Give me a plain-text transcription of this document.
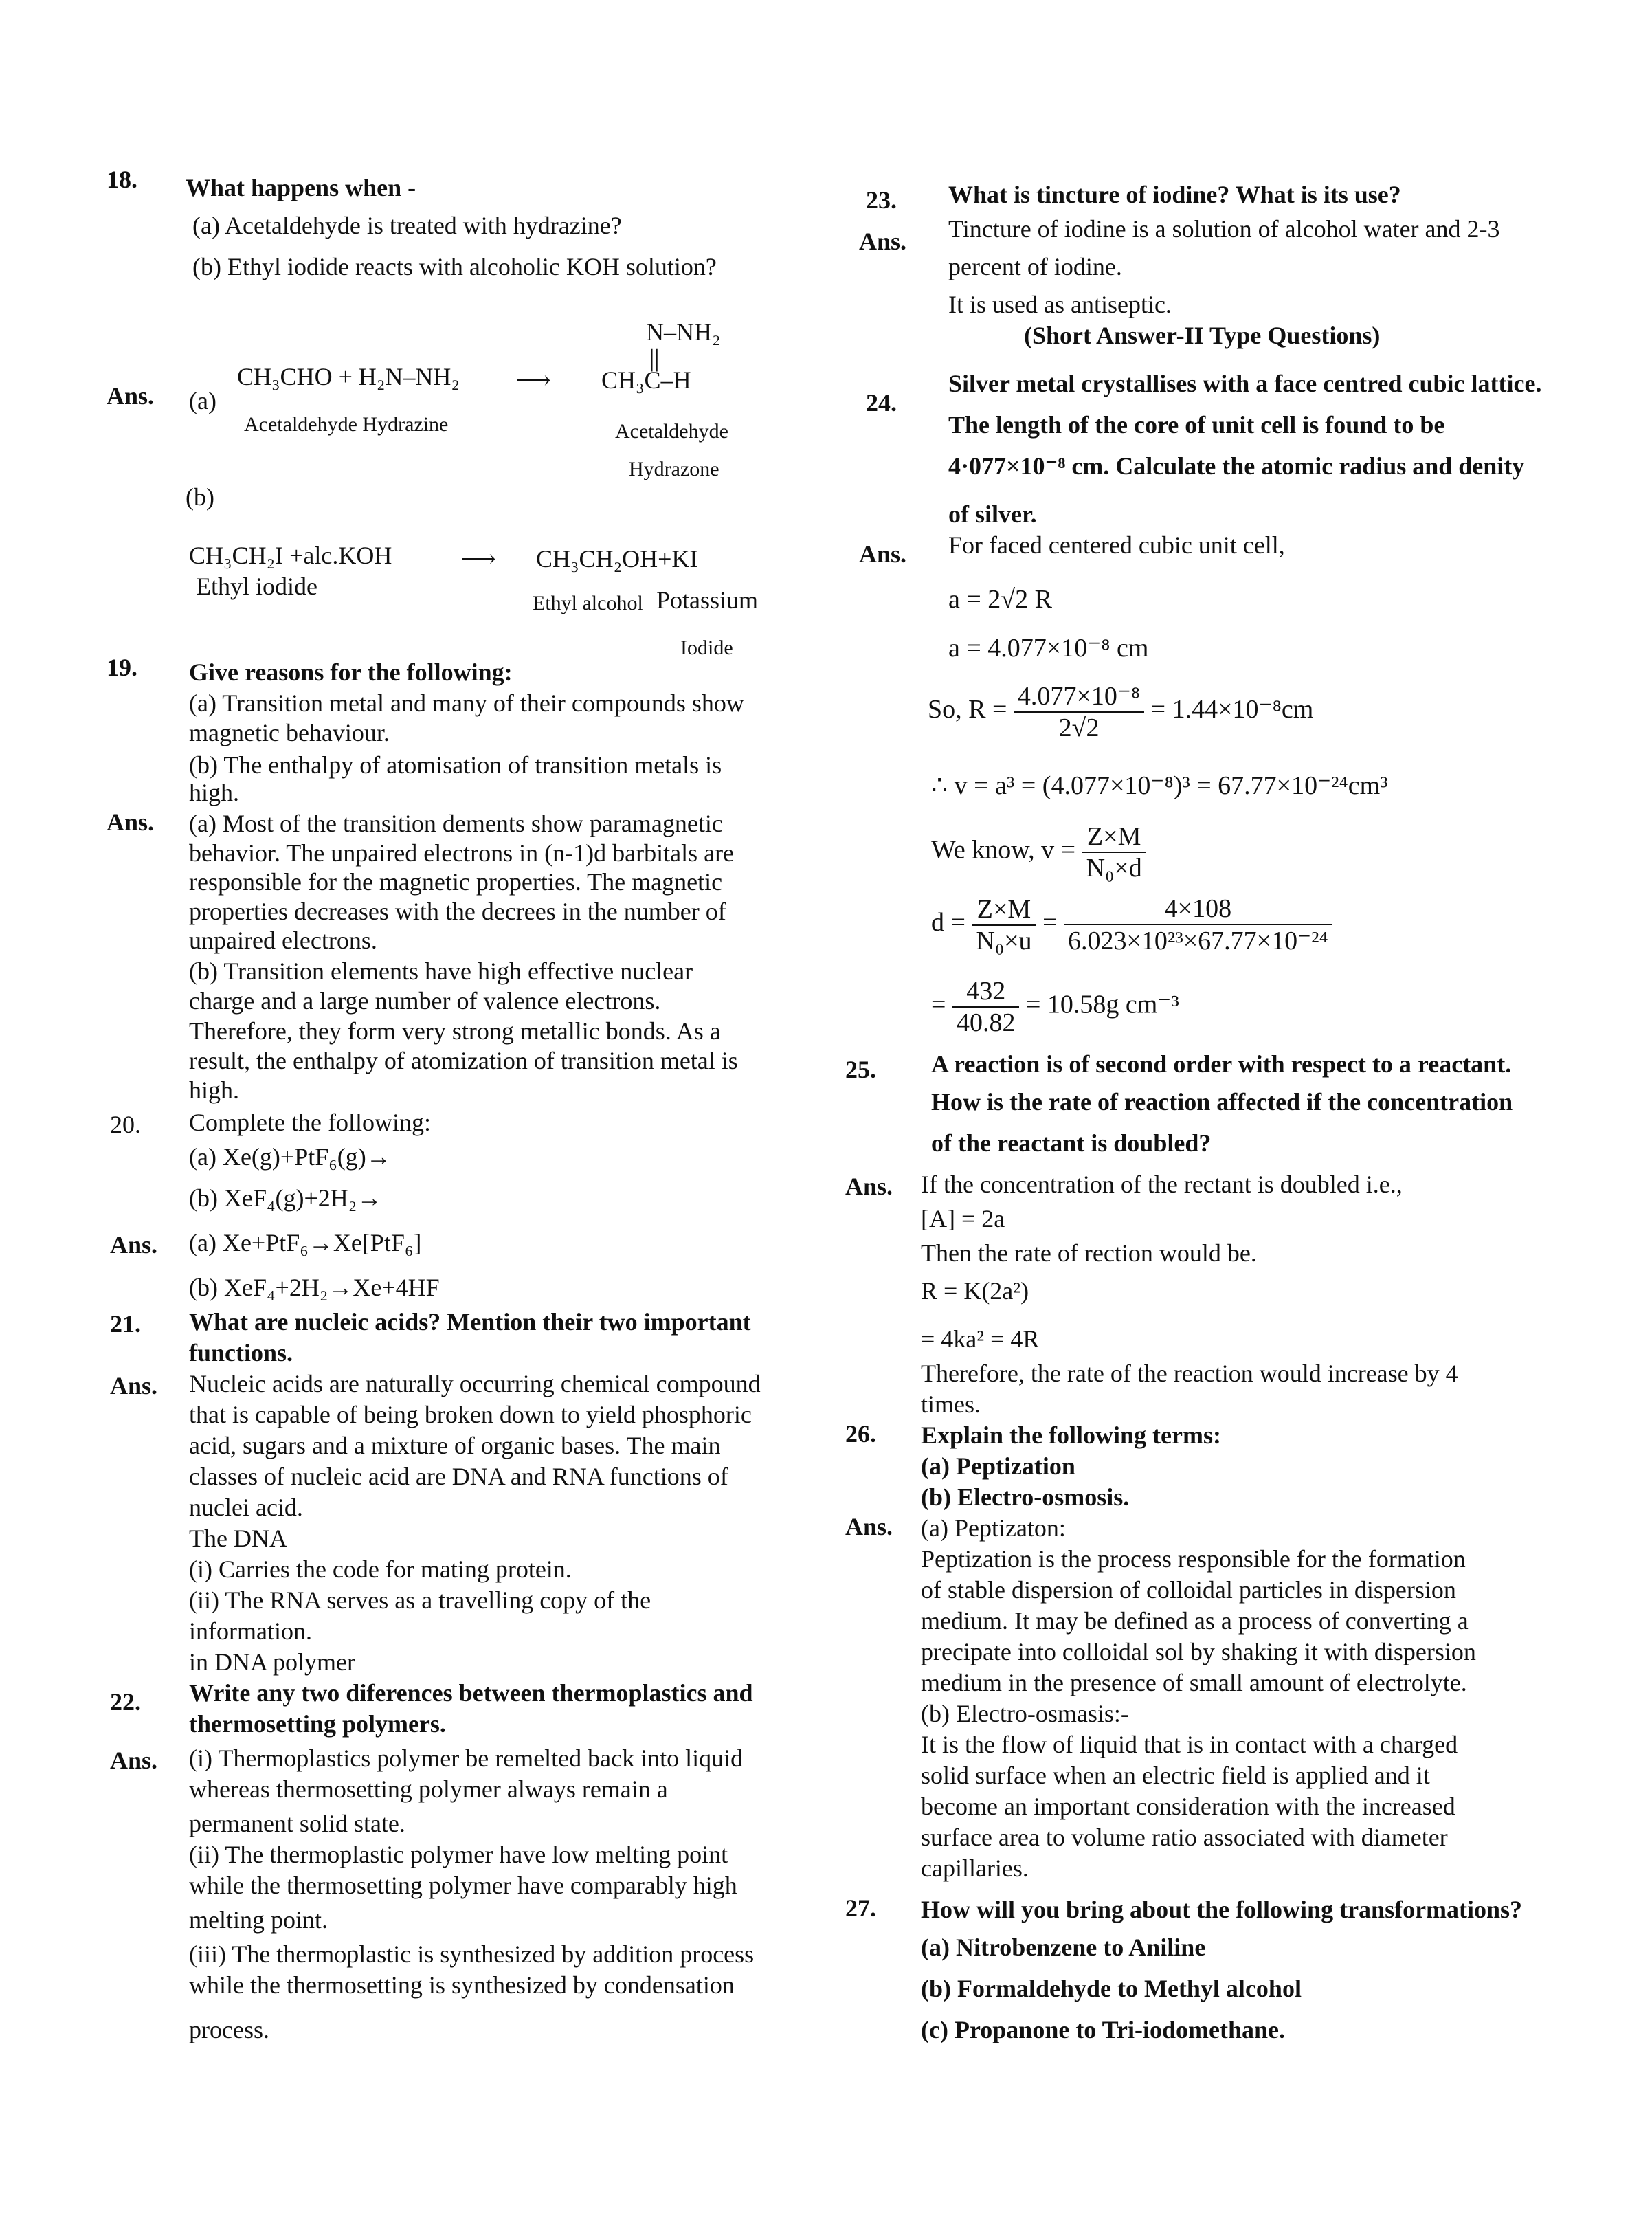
18. What happens when -
(a) Acetaldehyde is treated with hydrazine?
(b) Ethyl iodide reacts with alcoholic KOH solution?
Ans. (a)
CH₃CHO + H₂N–NH₂ ⟶
N–NH₂
||
CH₃C–H
Acetaldehyde Hydrazine	Acetaldehyde
Hydrazone
(b)
CH₃CH₂I +alc.KOH	⟶ CH₃CH₂OH+KI
Ethyl iodide
Ethyl alcohol Potassium
Iodide
19. Give reasons for the following:
(a) Transition metal and many of their compounds show
magnetic behaviour.
(b) The enthalpy of atomisation of transition metals is
high.
Ans. (a) Most of the transition dements show paramagnetic
behavior. The unpaired electrons in (n-1)d barbitals are
responsible for the magnetic properties. The magnetic
properties decreases with the decrees in the number of
unpaired electrons.
(b) Transition elements have high effective nuclear
charge and a large number of valence electrons.
Therefore, they form very strong metallic bonds. As a
result, the enthalpy of atomization of transition metal is
high.
20. Complete the following:
(a) Xe(g)+PtF₆(g)→
(b) XeF₄(g)+2H₂→
Ans. (a) Xe+PtF₆→Xe[PtF₆]
(b) XeF₄+2H₂→Xe+4HF
21. What are nucleic acids? Mention their two important
functions.
Ans. Nucleic acids are naturally occurring chemical compound
that is capable of being broken down to yield phosphoric
acid, sugars and a mixture of organic bases. The main
classes of nucleic acid are DNA and RNA functions of
nuclei acid.
The DNA
(i) Carries the code for mating protein.
(ii) The RNA serves as a travelling copy of the
information.
in DNA polymer
22. Write any two diferences between thermoplastics and
thermosetting polymers.
Ans. (i) Thermoplastics polymer be remelted back into liquid
whereas thermosetting polymer always remain a
permanent solid state.
(ii) The thermoplastic polymer have low melting point
while the thermosetting polymer have comparably high
melting point.
(iii) The thermoplastic is synthesized by addition process
while the thermosetting is synthesized by condensation
process.
23. What is tincture of iodine? What is its use?
Ans. Tincture of iodine is a solution of alcohol water and 2-3
percent of iodine.
It is used as antiseptic.
(Short Answer-II Type Questions)
24.
Silver metal crystallises with a face centred cubic lattice.
The length of the core of unit cell is found to be
4·077×10⁻⁸ cm. Calculate the atomic radius and denity
of silver.
Ans. For faced centered cubic unit cell,
a = 2√2 R
a = 4.077×10⁻⁸ cm
So, $R = \frac{\text{4.077×10⁻⁸}}{2√2} = 1.44\times 10^{-8}cm$
∴ v = a³ = (4.077×10⁻⁸)³ = 67.77×10⁻²⁴cm³
We know, $v = \frac{Z\times M}{\text{N₀×d}}$
$d = \frac{Z\times M}{\text{N₀×u}} = \frac{4\times 108}{\text{6.023×10²³×67.77×10⁻²⁴}}$
= $\frac{432}{40.82} = 10.58g$ cm⁻³
25. A reaction is of second order with respect to a reactant.
How is the rate of reaction affected if the concentration
of the reactant is doubled?
Ans. If the concentration of the rectant is doubled i.e.,
[A] = 2a
Then the rate of rection would be.
R = K(2a²)
= 4ka² = 4R
Therefore, the rate of the reaction would increase by 4
times.
26. Explain the following terms:
(a) Peptization
(b) Electro-osmosis.
Ans. (a) Peptizaton:
Peptization is the process responsible for the formation
of stable dispersion of colloidal particles in dispersion
medium. It may be defined as a process of converting a
precipate into colloidal sol by shaking it with dispersion
medium in the presence of small amount of electrolyte.
(b) Electro-osmasis:-
It is the flow of liquid that is in contact with a charged
solid surface when an electric field is applied and it
become an important consideration with the increased
surface area to volume ratio associated with diameter
capillaries.
27. How will you bring about the following transformations?
(a) Nitrobenzene to Aniline
(b) Formaldehyde to Methyl alcohol
(c) Propanone to Tri-iodomethane.
